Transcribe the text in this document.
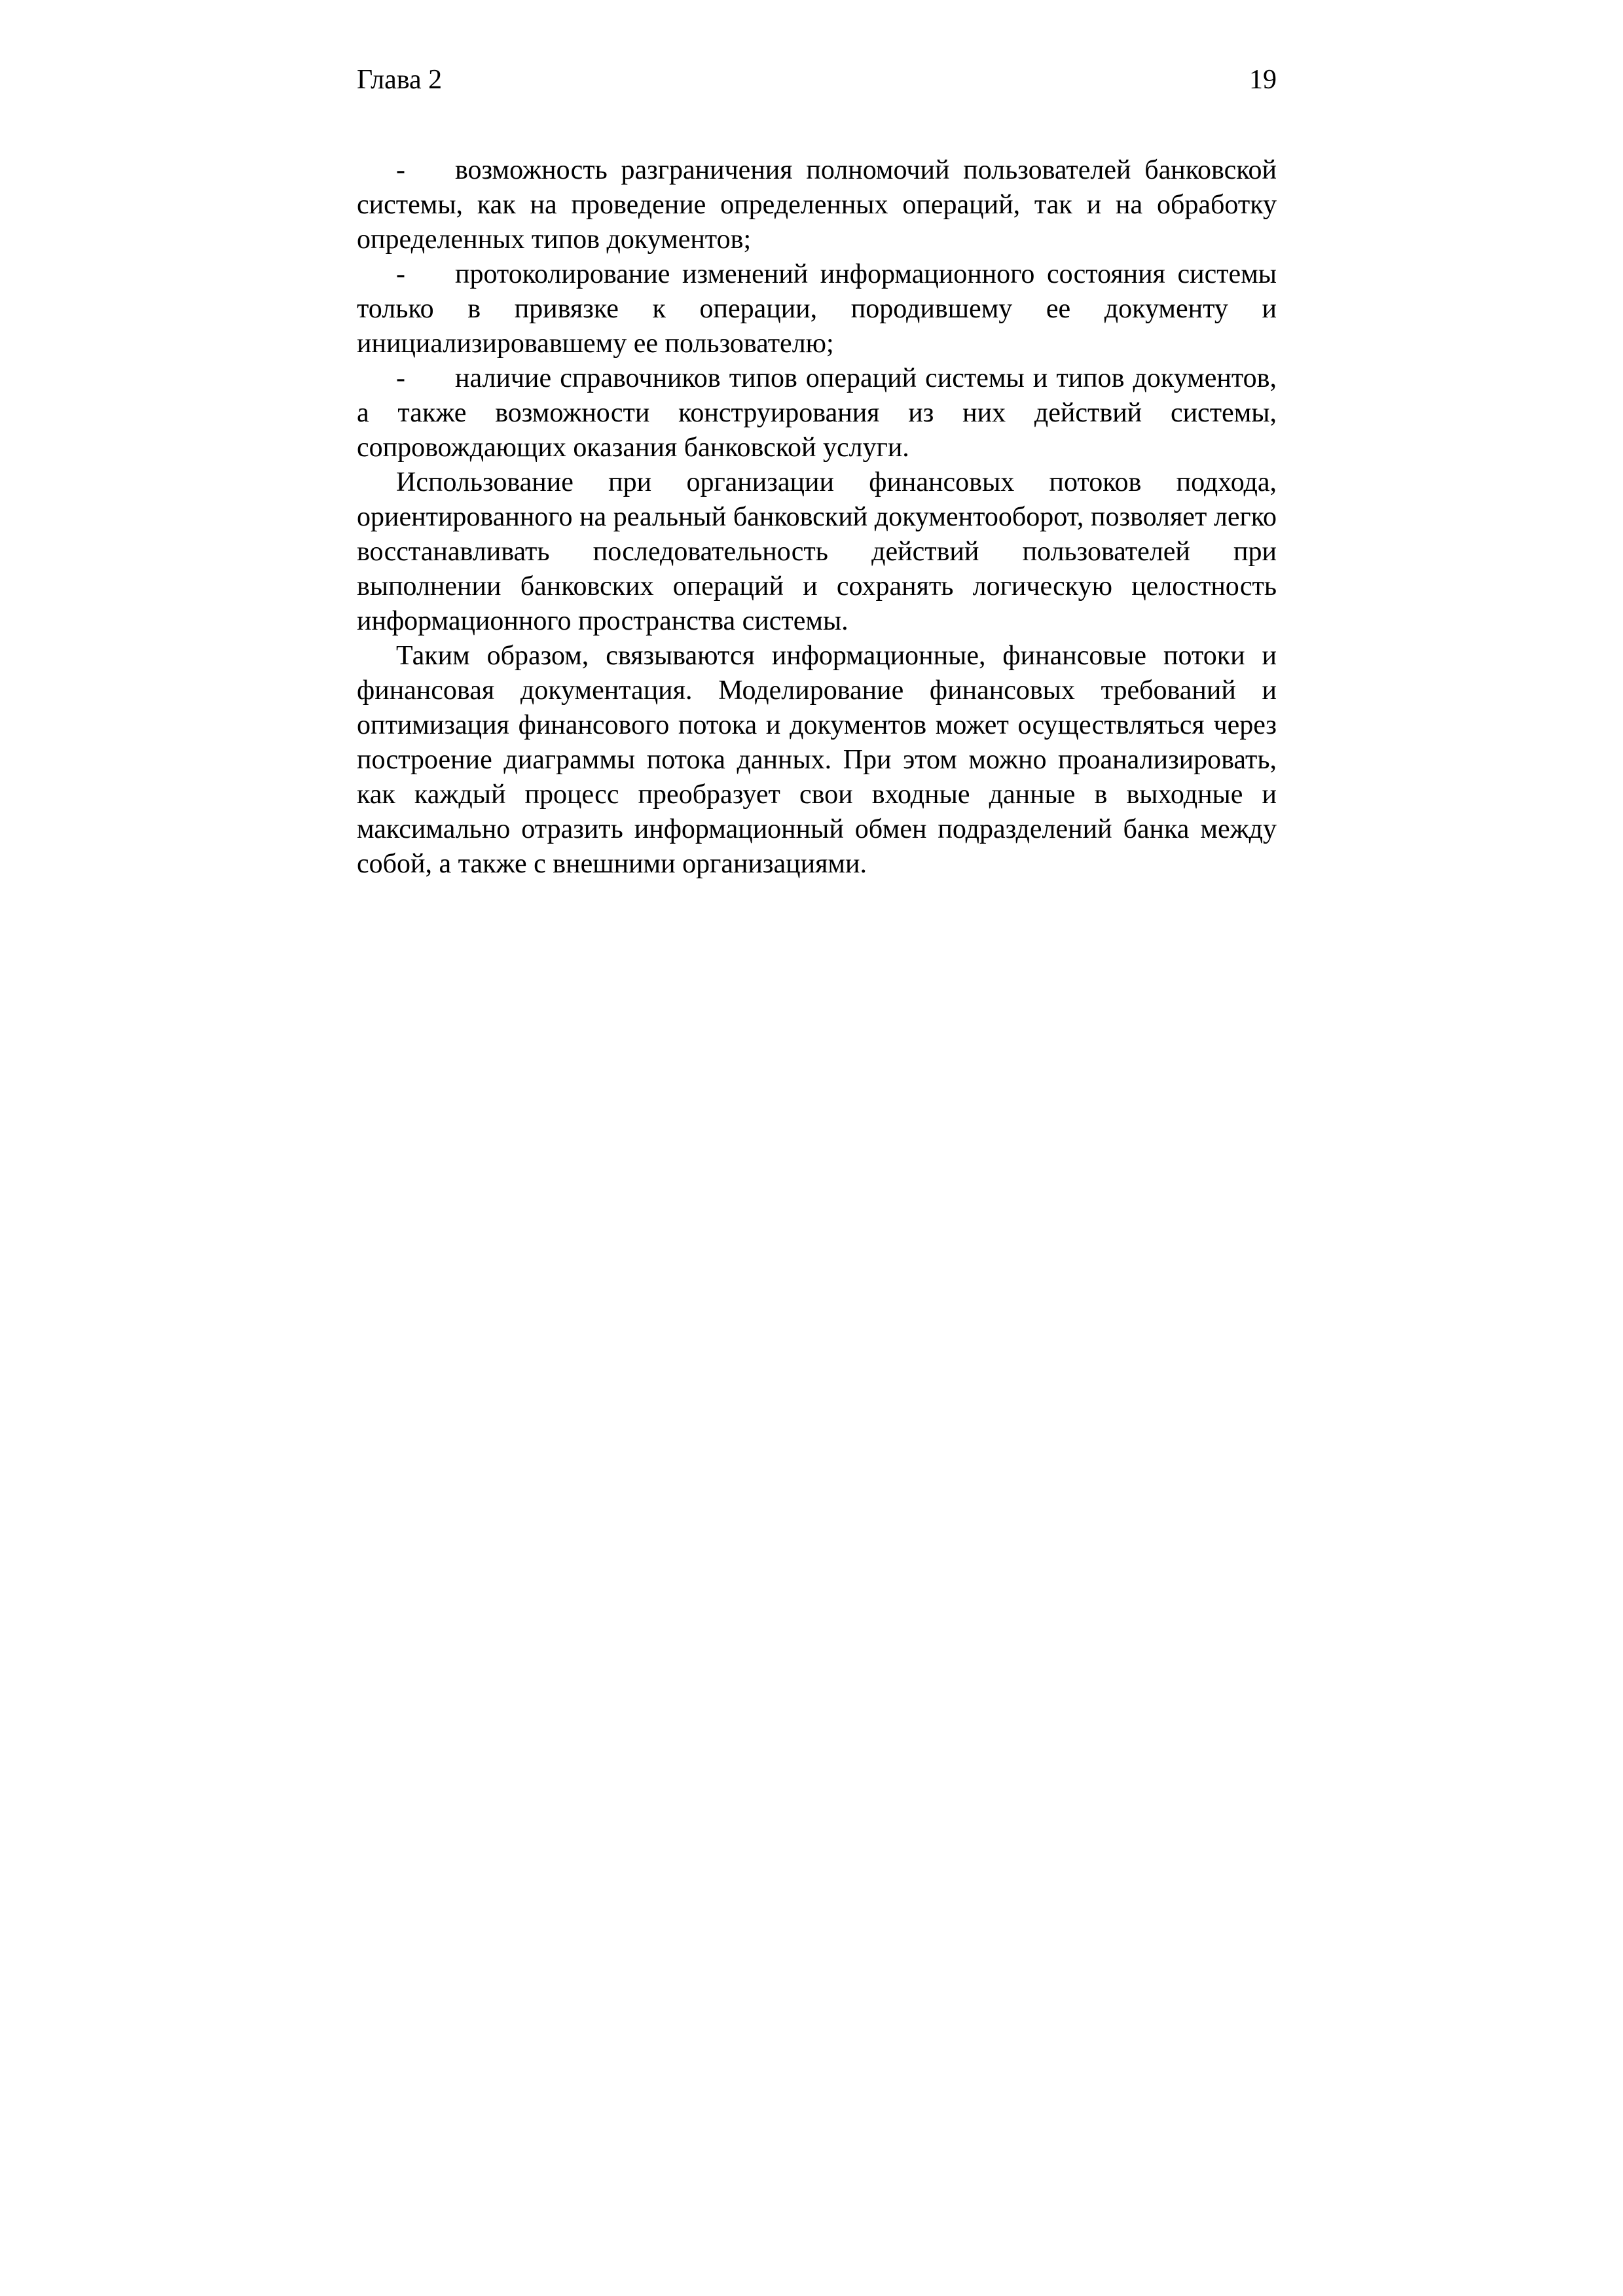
Глава 2	19

- возможность разграничения полномочий пользователей банковской системы, как на проведение определенных операций, так и на обработку определенных типов документов;

- протоколирование изменений информационного состояния системы только в привязке к операции, породившему ее документу и инициализировавшему ее пользователю;

- наличие справочников типов операций системы и типов документов, а также возможности конструирования из них действий системы, сопровождающих оказания банковской услуги.

Использование при организации финансовых потоков подхода, ориентированного на реальный банковский документооборот, позволяет легко восстанавливать последовательность действий пользователей при выполнении банковских операций и сохранять логическую целостность информационного пространства системы.

Таким образом, связываются информационные, финансовые потоки и финансовая документация. Моделирование финансовых требований и оптимизация финансового потока и документов может осуществляться через построение диаграммы потока данных. При этом можно проанализировать, как каждый процесс преобразует свои входные данные в выходные и максимально отразить информационный обмен подразделений банка между собой, а также с внешними организациями.
